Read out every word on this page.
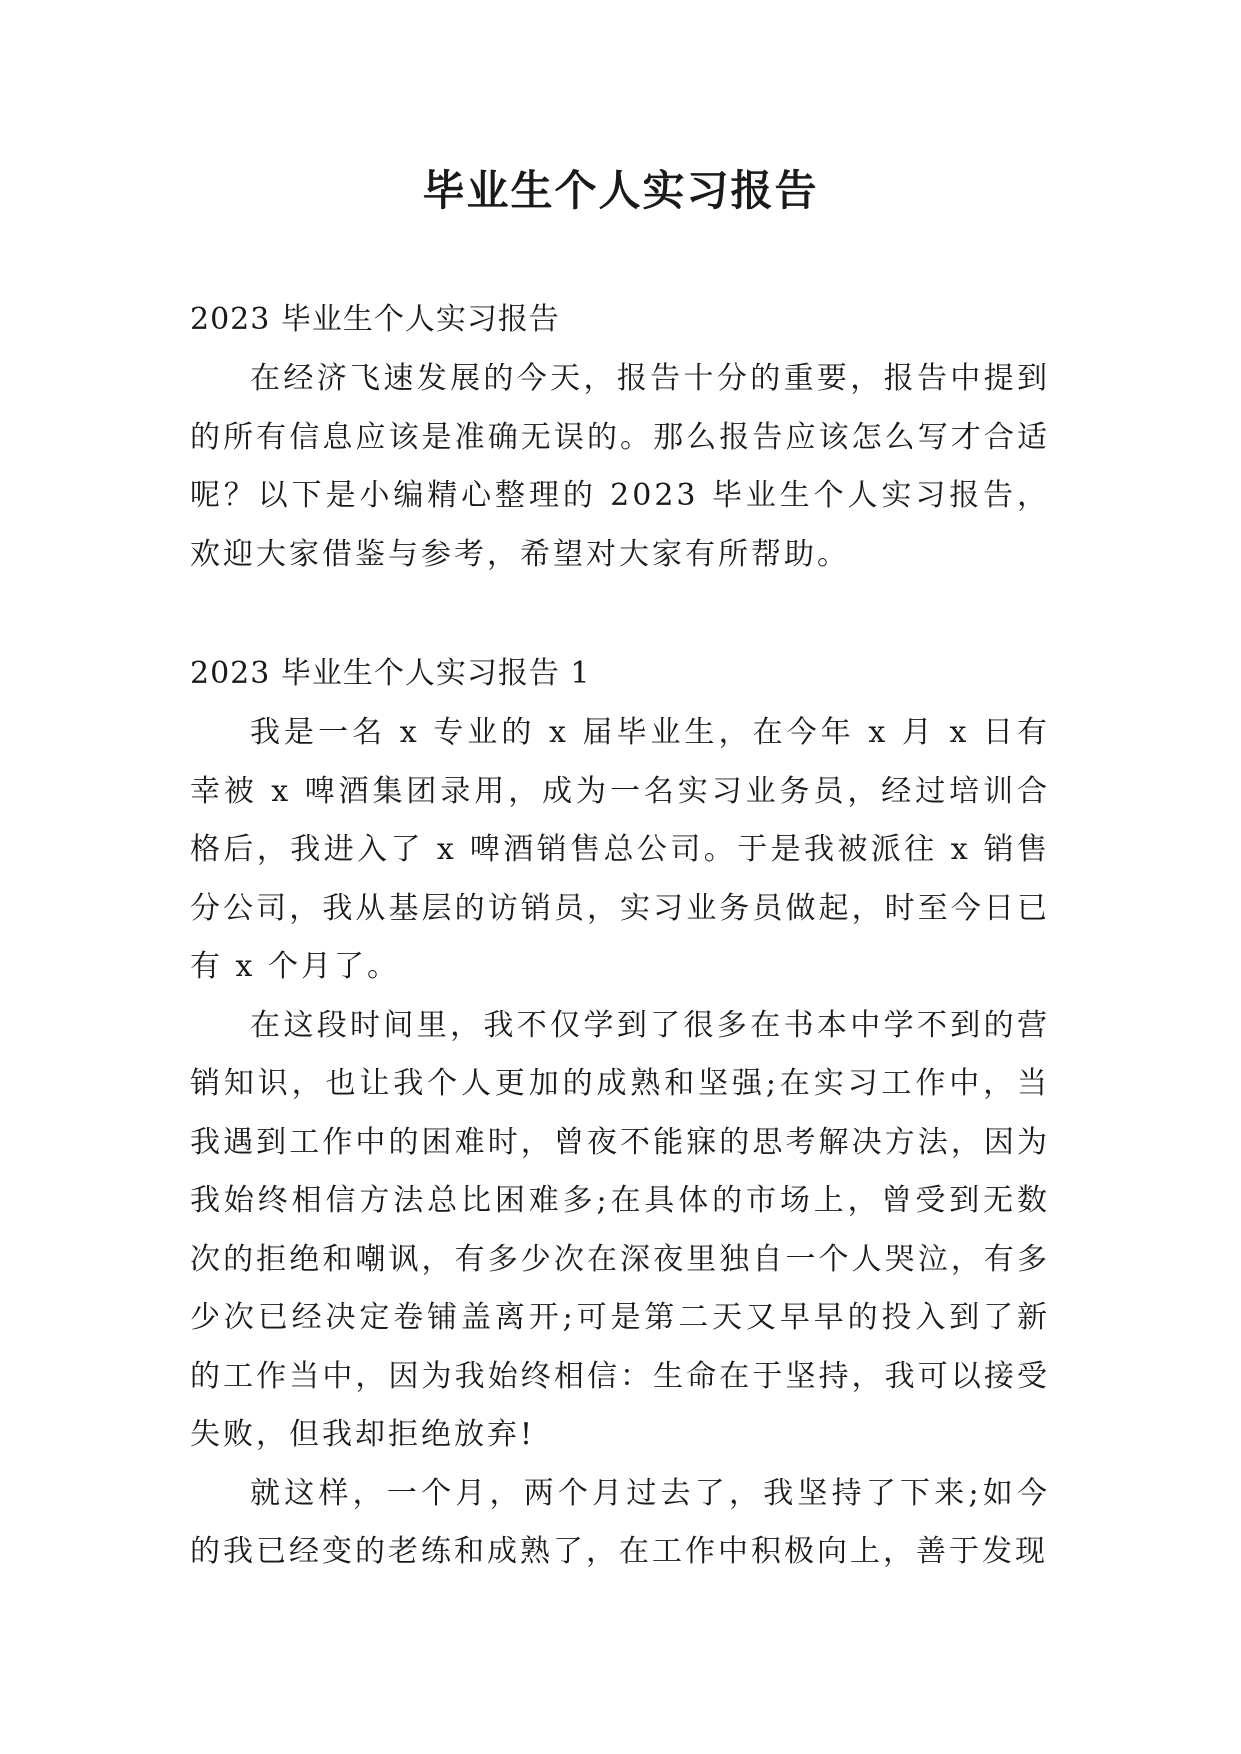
毕业生个人实习报告

2023 毕业生个人实习报告

在经济飞速发展的今天，报告十分的重要，报告中提到的所有信息应该是准确无误的。那么报告应该怎么写才合适呢？以下是小编精心整理的 2023 毕业生个人实习报告，欢迎大家借鉴与参考，希望对大家有所帮助。

2023 毕业生个人实习报告 1

我是一名 x 专业的 x 届毕业生，在今年 x 月 x 日有幸被 x 啤酒集团录用，成为一名实习业务员，经过培训合格后，我进入了 x 啤酒销售总公司。于是我被派往 x 销售分公司，我从基层的访销员，实习业务员做起，时至今日已有 x 个月了。

在这段时间里，我不仅学到了很多在书本中学不到的营销知识，也让我个人更加的成熟和坚强;在实习工作中，当我遇到工作中的困难时，曾夜不能寐的思考解决方法，因为我始终相信方法总比困难多;在具体的市场上，曾受到无数次的拒绝和嘲讽，有多少次在深夜里独自一个人哭泣，有多少次已经决定卷铺盖离开;可是第二天又早早的投入到了新的工作当中，因为我始终相信：生命在于坚持，我可以接受失败，但我却拒绝放弃!

就这样，一个月，两个月过去了，我坚持了下来;如今的我已经变的老练和成熟了，在工作中积极向上，善于发现
